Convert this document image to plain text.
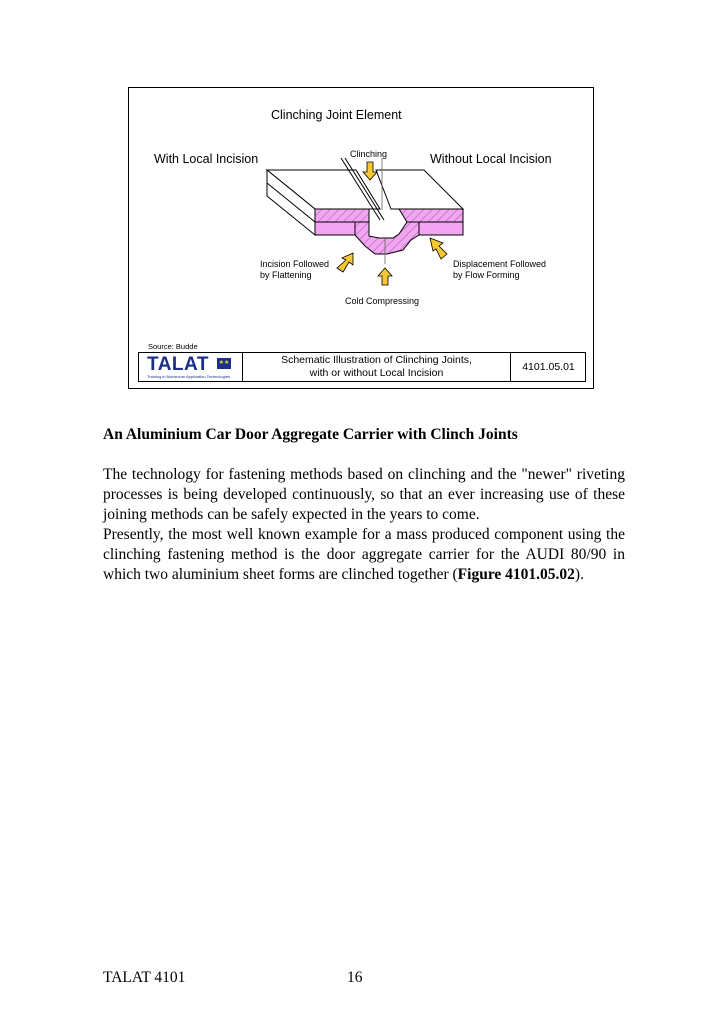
Clinching Joint Element
With Local Incision	Clinching	Without Local Incision
Incision Followed
by Flattening
Displacement Followed
by Flow Forming
Cold Compressing
Source: Budde
TALAT ★★
Training in Aluminium Application Technologies
Schematic Illustration of Clinching Joints,
with or without Local Incision	4101.05.01
An Aluminium Car Door Aggregate Carrier with Clinch Joints
The technology for fastening methods based on clinching and the "newer" riveting processes is being developed continuously, so that an ever increasing use of these joining methods can be safely expected in the years to come.
Presently, the most well known example for a mass produced component using the clinching fastening method is the door aggregate carrier for the AUDI 80/90 in which two aluminium sheet forms are clinched together (Figure 4101.05.02).
TALAT 4101	16
